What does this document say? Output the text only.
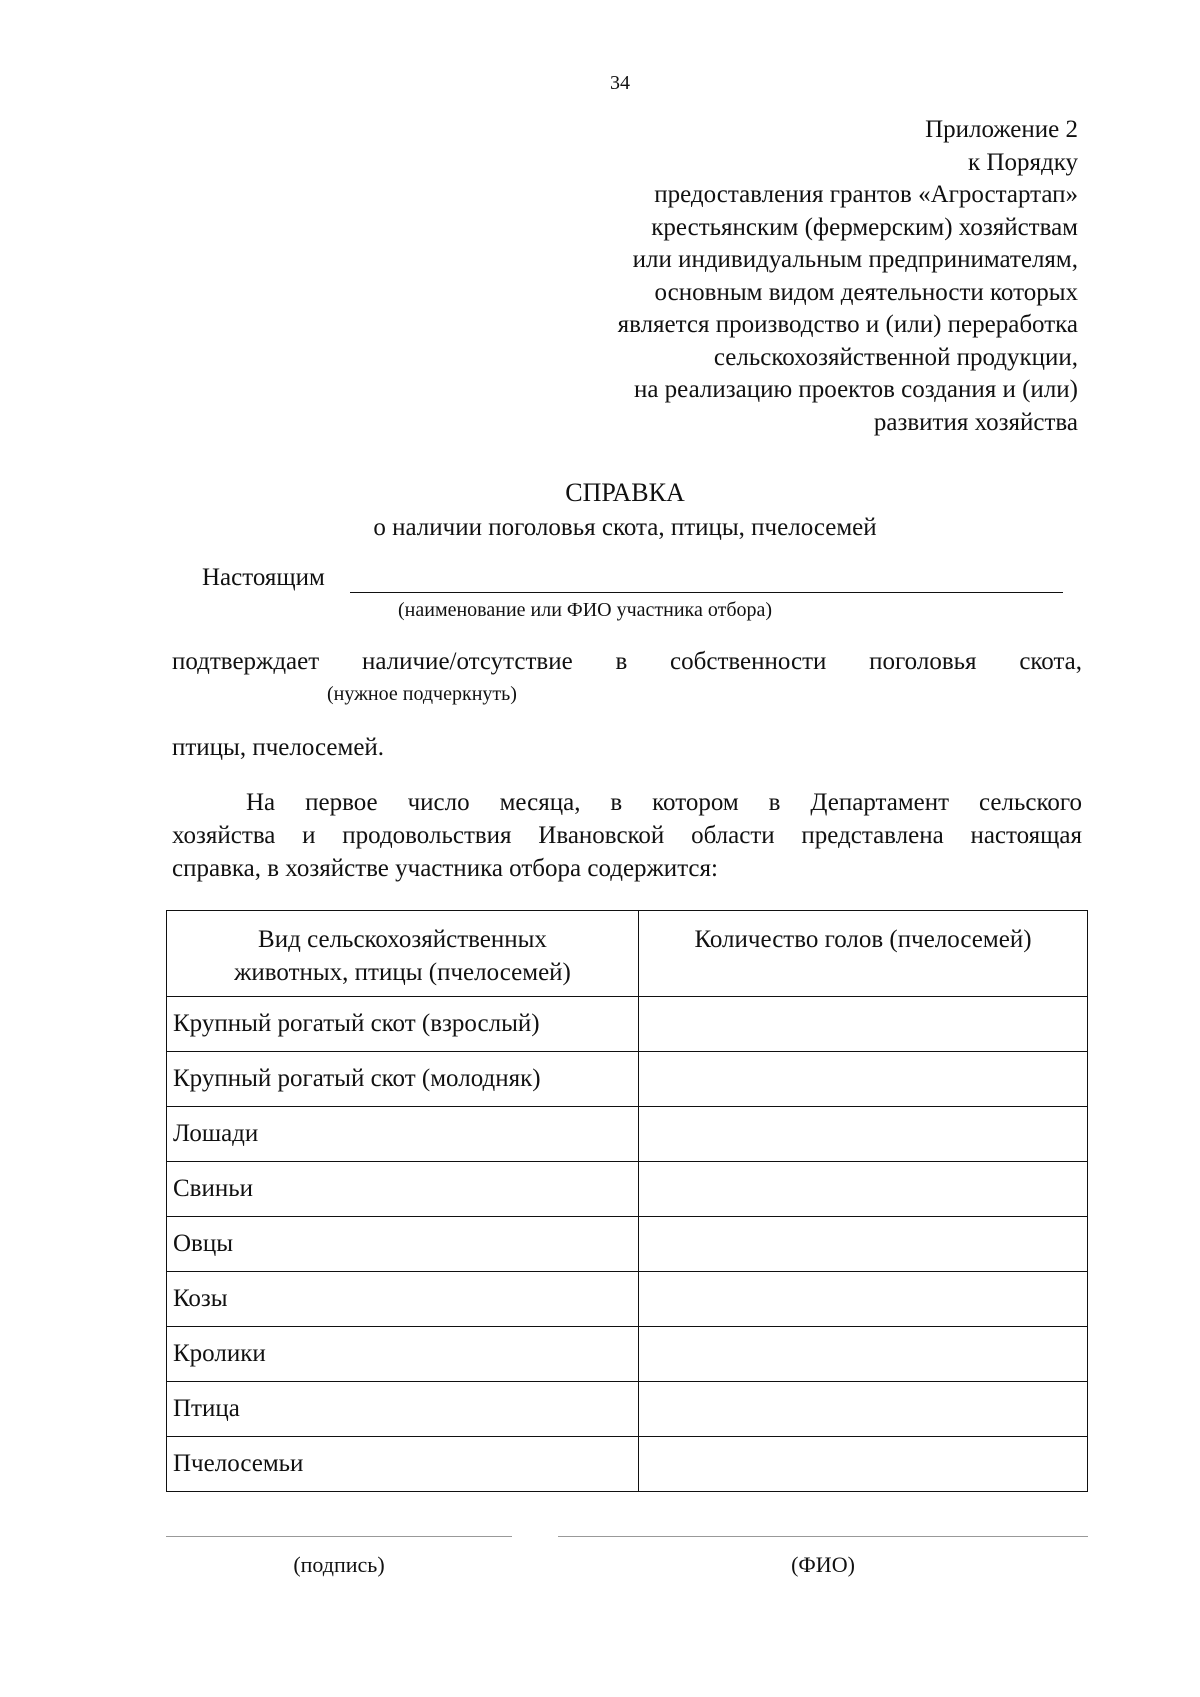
34
Приложение 2
к Порядку
предоставления грантов «Агростартап»
крестьянским (фермерским) хозяйствам
или индивидуальным предпринимателям,
основным видом деятельности которых
является производство и (или) переработка
сельскохозяйственной продукции,
на реализацию проектов создания и (или)
развития хозяйства
СПРАВКА
о наличии поголовья скота, птицы, пчелосемей
Настоящим
(наименование или ФИО участника отбора)
подтверждает наличие/отсутствие в собственности поголовья скота,
(нужное подчеркнуть)
птицы, пчелосемей.
На первое число месяца, в котором в Департамент сельского
хозяйства и продовольствия Ивановской области представлена настоящая
справка, в хозяйстве участника отбора содержится:
Вид сельскохозяйственных
животных, птицы (пчелосемей)	Количество голов (пчелосемей)
Крупный рогатый скот (взрослый)	
Крупный рогатый скот (молодняк)	
Лошади	
Свиньи	
Овцы	
Козы	
Кролики	
Птица	
Пчелосемьи	
(подпись)	(ФИО)
